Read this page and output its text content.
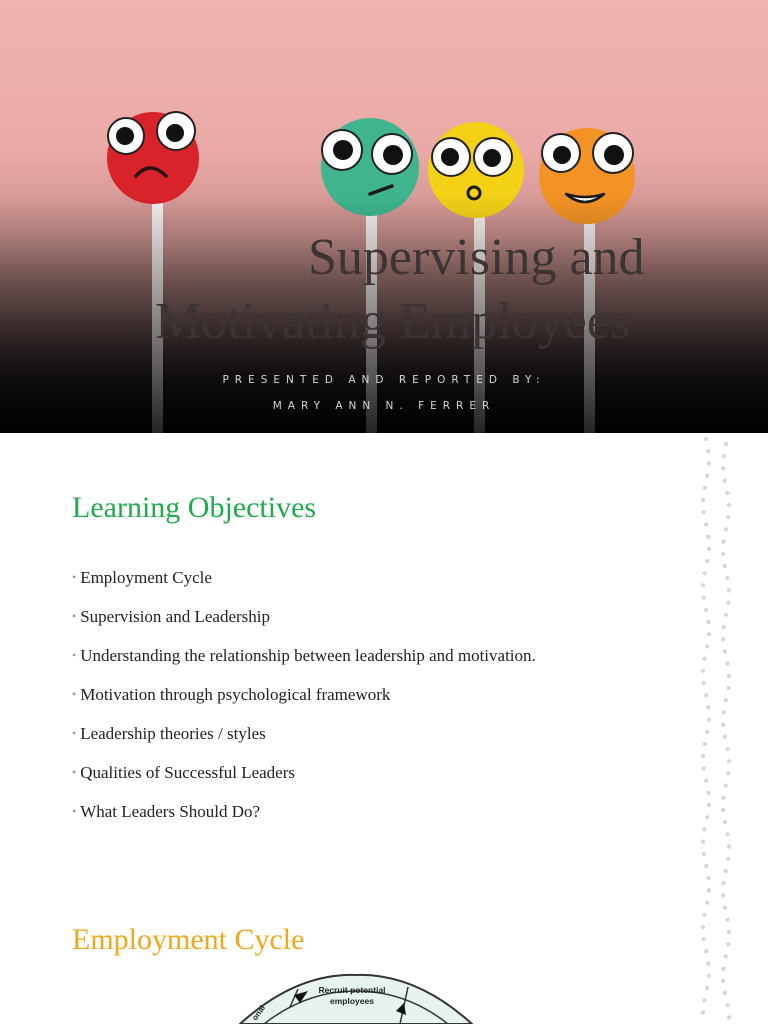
Supervising and
Motivating Employees
PRESENTED AND REPORTED BY:
MARY ANN N. FERRER
Learning Objectives
• Employment Cycle
• Supervision and Leadership
• Understanding the relationship between leadership and motivation.
• Motivation through psychological framework
• Leadership theories / styles
• Qualities of Successful Leaders
• What Leaders Should Do?
Employment Cycle
Recruit potential
employees
onal
